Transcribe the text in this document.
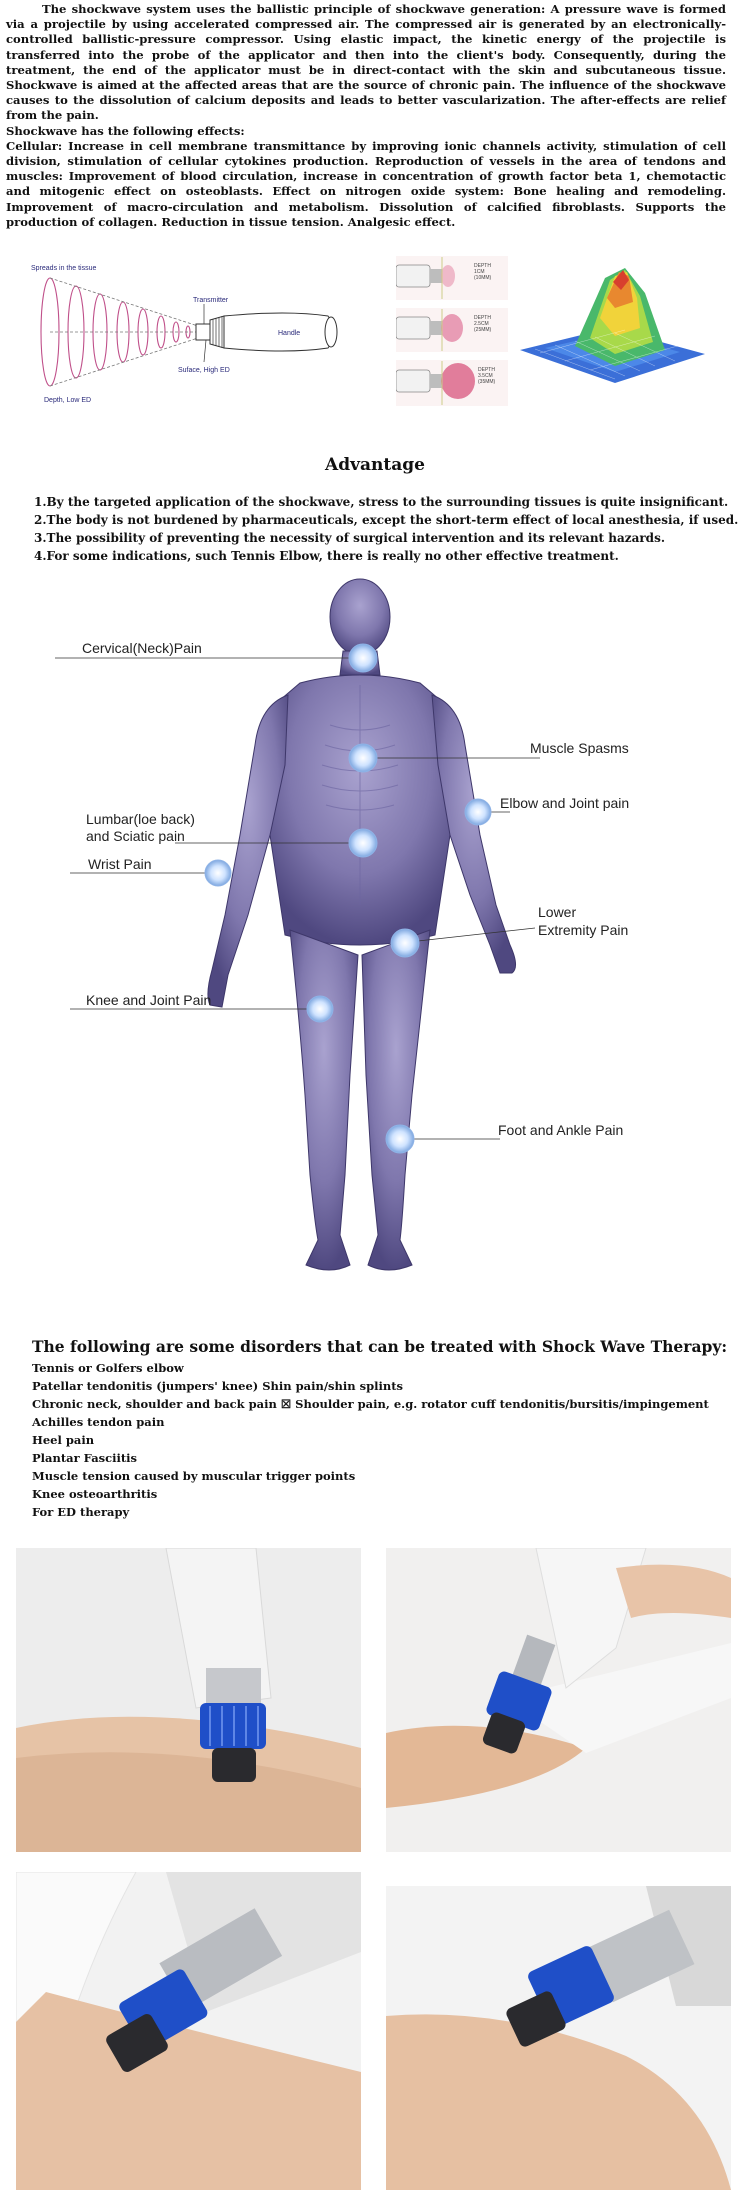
The shockwave system uses the ballistic principle of shockwave generation: A pressure wave is formed via a projectile by using accelerated compressed air. The compressed air is generated by an electronically-controlled ballistic-pressure compressor. Using elastic impact, the kinetic energy of the projectile is transferred into the probe of the applicator and then into the client's body. Consequently, during the treatment, the end of the applicator must be in direct-contact with the skin and subcutaneous tissue. Shockwave is aimed at the affected areas that are the source of chronic pain. The influence of the shockwave causes to the dissolution of calcium deposits and leads to better vascularization. The after-effects are relief from the pain.

Shockwave has the following effects:

Cellular: Increase in cell membrane transmittance by improving ionic channels activity, stimulation of cell division, stimulation of cellular cytokines production. Reproduction of vessels in the area of tendons and muscles: Improvement of blood circulation, increase in concentration of growth factor beta 1, chemotactic and mitogenic effect on osteoblasts. Effect on nitrogen oxide system: Bone healing and remodeling. Improvement of macro-circulation and metabolism. Dissolution of calcified fibroblasts. Supports the production of collagen. Reduction in tissue tension. Analgesic effect.

Spreads in the tissue
Transmitter
Handle
Suface, High ED
Depth, Low ED
DEPTH
1CM
(10MM)
DEPTH
2.5CM
(25MM)
DEPTH
3.5CM
(35MM)
Advantage
1.By the targeted application of the shockwave, stress to the surrounding tissues is quite insignificant.
2.The body is not burdened by pharmaceuticals, except the short-term effect of local anesthesia, if used.
3.The possibility of preventing the necessity of surgical intervention and its relevant hazards.
4.For some indications, such Tennis Elbow, there is really no other effective treatment.
Cervical(Neck)Pain
Muscle Spasms
Lumbar(loe back)
and Sciatic pain
Elbow and Joint pain
Wrist Pain
Lower
Extremity Pain
Knee and Joint Pain
Foot and Ankle Pain
The following are some disorders that can be treated with Shock Wave Therapy:
Tennis or Golfers elbow
Patellar tendonitis (jumpers' knee) Shin pain/shin splints
Chronic neck, shoulder and back pain ☒ Shoulder pain, e.g. rotator cuff tendonitis/bursitis/impingement
Achilles tendon pain
Heel pain
Plantar Fasciitis
Muscle tension caused by muscular trigger points
Knee osteoarthritis
For ED therapy
